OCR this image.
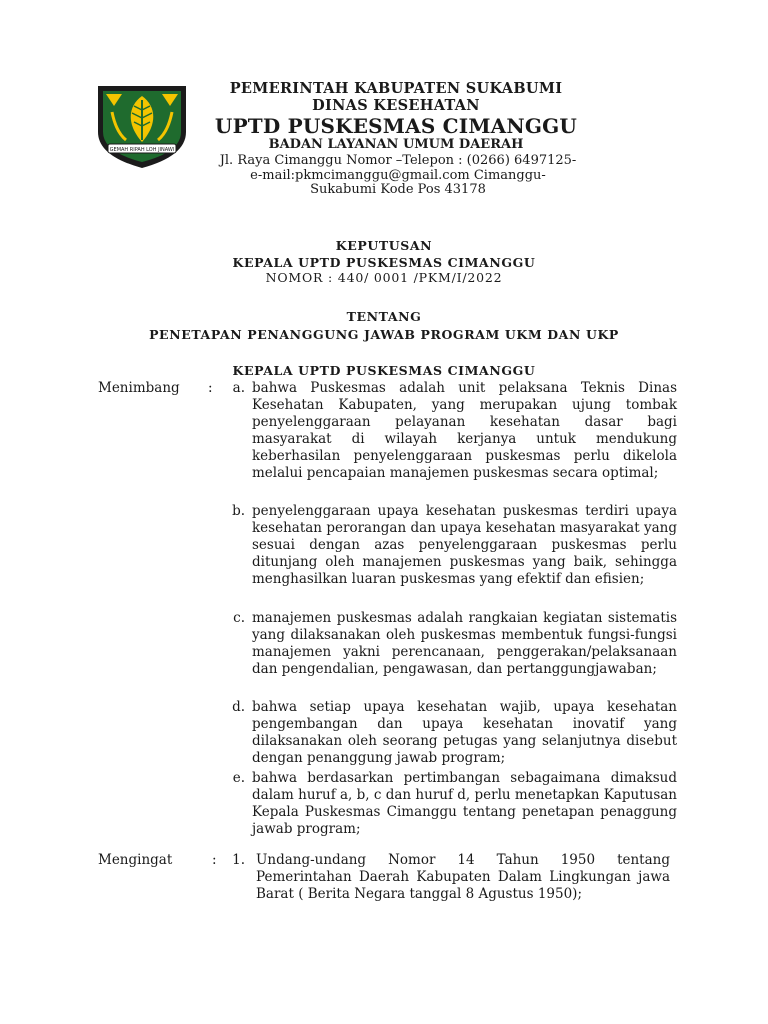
GEMAH RIPAH LOH JINAWI
PEMERINTAH KABUPATEN SUKABUMI
DINAS KESEHATAN
UPTD PUSKESMAS CIMANGGU
BADAN LAYANAN UMUM DAERAH
Jl. Raya Cimanggu Nomor –Telepon : (0266) 6497125-
e-mail:pkmcimanggu@gmail.com Cimanggu-
Sukabumi Kode Pos 43178
KEPUTUSAN
KEPALA UPTD PUSKESMAS CIMANGGU
NOMOR : 440/ 0001 /PKM/I/2022
TENTANG
PENETAPAN PENANGGUNG JAWAB PROGRAM UKM DAN UKP
KEPALA UPTD PUSKESMAS CIMANGGU
Menimbang :	a. bahwa Puskesmas adalah unit pelaksana Teknis Dinas Kesehatan Kabupaten, yang merupakan ujung tombak penyelenggaraan pelayanan kesehatan dasar bagi masyarakat di wilayah kerjanya untuk mendukung keberhasilan penyelenggaraan puskesmas perlu dikelola melalui pencapaian manajemen puskesmas secara optimal;
b. penyelenggaraan upaya kesehatan puskesmas terdiri upaya kesehatan perorangan dan upaya kesehatan masyarakat yang sesuai dengan azas penyelenggaraan puskesmas perlu ditunjang oleh manajemen puskesmas yang baik, sehingga menghasilkan luaran puskesmas yang efektif dan efisien;
c. manajemen puskesmas adalah rangkaian kegiatan sistematis yang dilaksanakan oleh puskesmas membentuk fungsi-fungsi manajemen yakni perencanaan, penggerakan/pelaksanaan dan pengendalian, pengawasan, dan pertanggungjawaban;
d. bahwa setiap upaya kesehatan wajib, upaya kesehatan pengembangan dan upaya kesehatan inovatif yang dilaksanakan oleh seorang petugas yang selanjutnya disebut dengan penanggung jawab program;
e. bahwa berdasarkan pertimbangan sebagaimana dimaksud dalam huruf a, b, c dan huruf d, perlu menetapkan Kaputusan Kepala Puskesmas Cimanggu tentang penetapan penaggung jawab program;
Mengingat	:	1. Undang-undang Nomor 14 Tahun 1950 tentang Pemerintahan Daerah Kabupaten Dalam Lingkungan jawa Barat ( Berita Negara tanggal 8 Agustus 1950);
